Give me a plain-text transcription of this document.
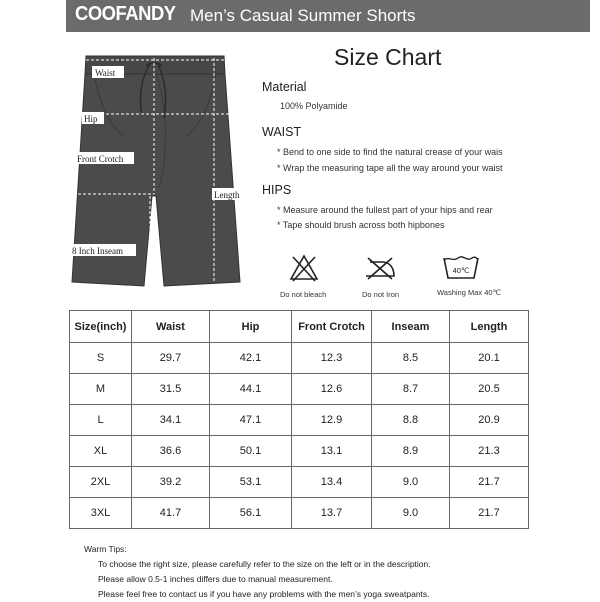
COOFANDY Men’s Casual Summer Shorts
Waist
Hip
Front Crotch
Length
8 Inch Inseam
Size Chart
Material
100% Polyamide
WAIST
* Bend to one side to find the natural crease of your wais
* Wrap the measuring tape all the way around your waist
HIPS
* Measure around the fullest part of your hips and rear
* Tape should brush across both hipbones
Do not bleach	Do not Iron
40℃
Washing Max 40℃
Size(inch)	Waist	Hip	Front Crotch	Inseam	Length
S	29.7	42.1	12.3	8.5	20.1
M	31.5	44.1	12.6	8.7	20.5
L	34.1	47.1	12.9	8.8	20.9
XL	36.6	50.1	13.1	8.9	21.3
2XL	39.2	53.1	13.4	9.0	21.7
3XL	41.7	56.1	13.7	9.0	21.7
Warm Tips:
To choose the right size, please carefully refer to the size on the left or in the description.
Please allow 0.5-1 inches differs due to manual measurement.
Please feel free to contact us if you have any problems with the men’s yoga sweatpants.
